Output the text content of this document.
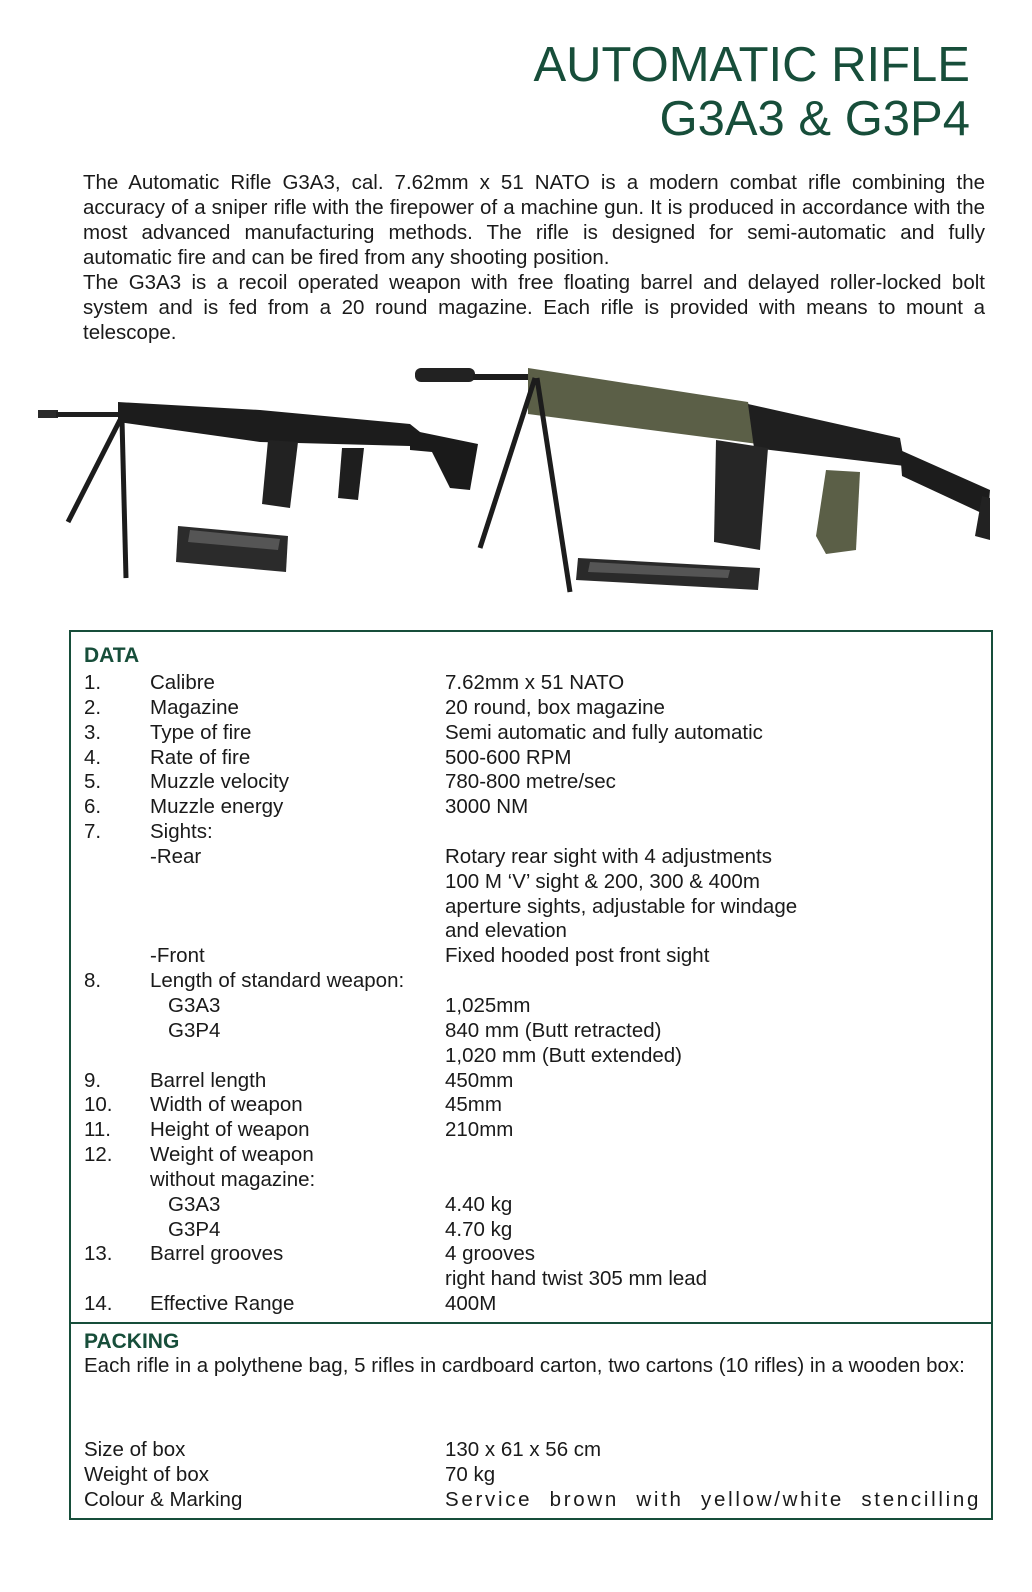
AUTOMATIC RIFLE
G3A3 & G3P4

The Automatic Rifle G3A3, cal. 7.62mm x 51 NATO is a modern combat rifle combining the accuracy of a sniper rifle with the firepower of a machine gun. It is produced in accordance with the most advanced manufacturing methods. The rifle is designed for semi-automatic and fully automatic fire and can be fired from any shooting position.

The G3A3 is a recoil operated weapon with free floating barrel and delayed roller-locked bolt system and is fed from a 20 round magazine. Each rifle is provided with means to mount a telescope.

DATA
1. Calibre	7.62mm x 51 NATO
2. Magazine	20 round, box magazine
3. Type of fire	Semi automatic and fully automatic
4. Rate of fire	500-600 RPM
5. Muzzle velocity	780-800 metre/sec
6. Muzzle energy	3000 NM
7. Sights:
-Rear	Rotary rear sight with 4 adjustments
100 M ‘V’ sight & 200, 300 & 400m
aperture sights, adjustable for windage
and elevation
-Front	Fixed hooded post front sight
8. Length of standard weapon:
G3A3	1,025mm
G3P4	840 mm (Butt retracted)
1,020 mm (Butt extended)
9. Barrel length	450mm
10. Width of weapon	45mm
11. Height of weapon	210mm
12. Weight of weapon
without magazine:
G3A3	4.40 kg
G3P4	4.70 kg
13. Barrel grooves	4 grooves
right hand twist 305 mm lead
14. Effective Range	400M
PACKING
Each rifle in a polythene bag, 5 rifles in cardboard carton, two cartons (10 rifles) in a wooden box:
Size of box	130 x 61 x 56 cm
Weight of box	70 kg
Colour & Marking	Service brown with yellow/white stencilling
